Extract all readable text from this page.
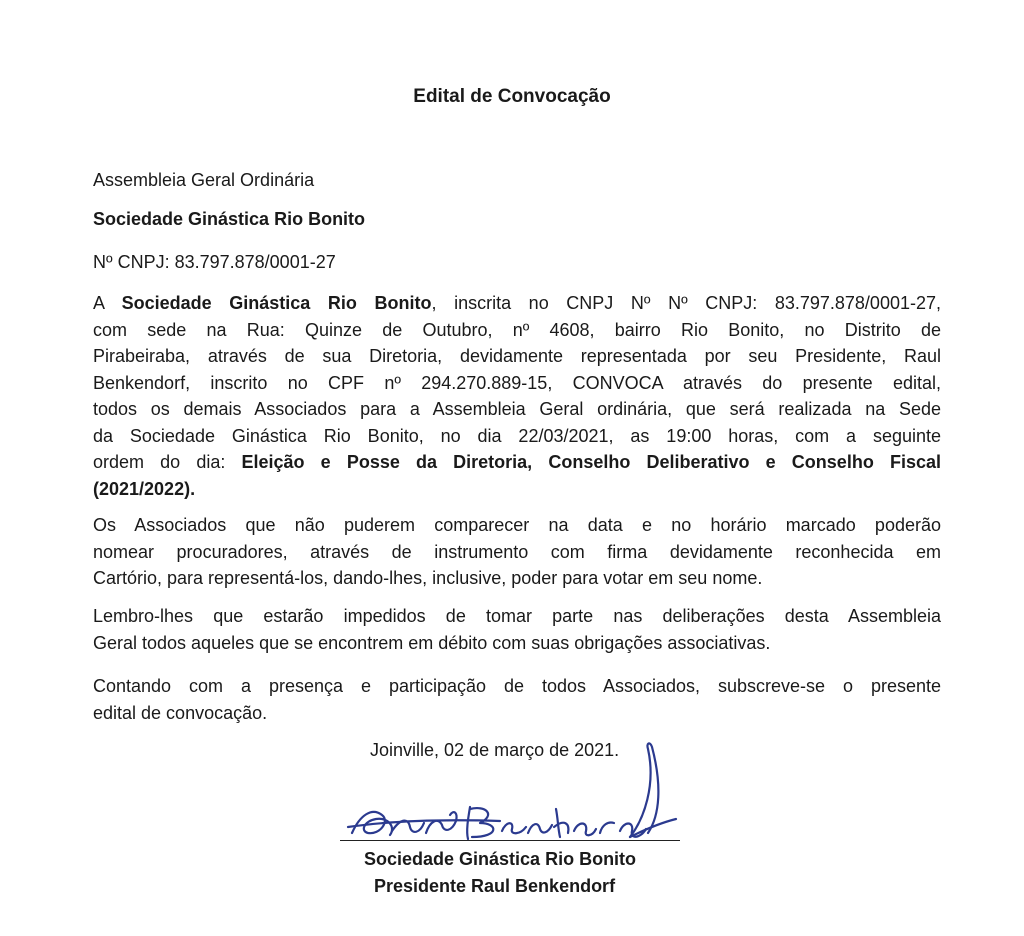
Edital de Convocação

Assembleia Geral Ordinária

Sociedade Ginástica Rio Bonito

Nº CNPJ: 83.797.878/0001-27

A Sociedade Ginástica Rio Bonito, inscrita no CNPJ Nº Nº CNPJ: 83.797.878/0001-27,
com sede na Rua: Quinze de Outubro, nº 4608, bairro Rio Bonito, no Distrito de
Pirabeiraba, através de sua Diretoria, devidamente representada por seu Presidente, Raul
Benkendorf, inscrito no CPF nº 294.270.889-15, CONVOCA através do presente edital,
todos os demais Associados para a Assembleia Geral ordinária, que será realizada na Sede
da Sociedade Ginástica Rio Bonito, no dia 22/03/2021, as 19:00 horas, com a seguinte
ordem do dia: Eleição e Posse da Diretoria, Conselho Deliberativo e Conselho Fiscal
(2021/2022).
Os Associados que não puderem comparecer na data e no horário marcado poderão
nomear procuradores, através de instrumento com firma devidamente reconhecida em
Cartório, para representá-los, dando-lhes, inclusive, poder para votar em seu nome.
Lembro-lhes que estarão impedidos de tomar parte nas deliberações desta Assembleia
Geral todos aqueles que se encontrem em débito com suas obrigações associativas.
Contando com a presença e participação de todos Associados, subscreve-se o presente
edital de convocação.
Joinville, 02 de março de 2021.
Sociedade Ginástica Rio Bonito
Presidente Raul Benkendorf
